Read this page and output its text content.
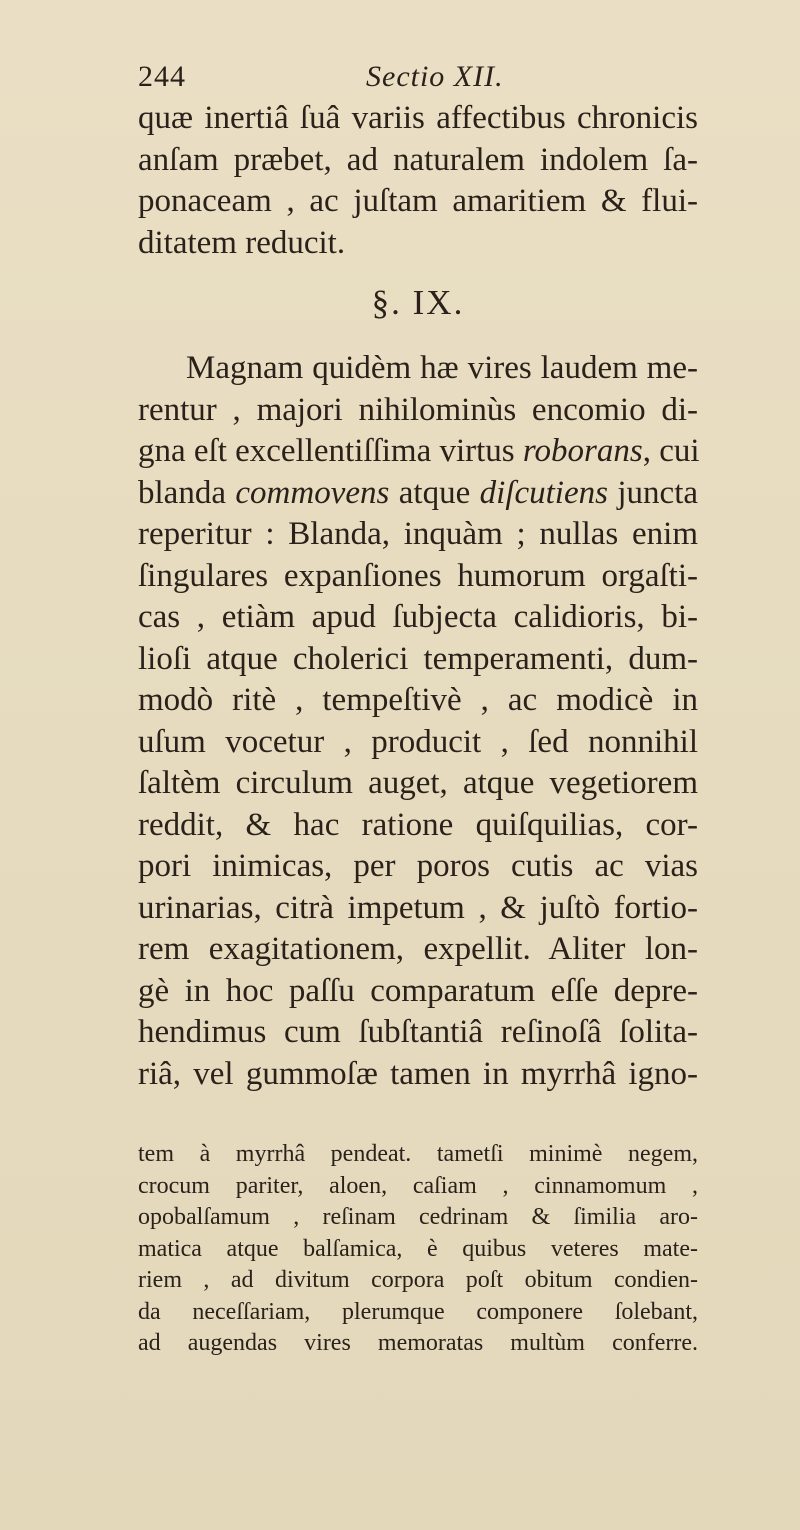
244	Sectio XII.
quæ inertiâ ſuâ variis affectibus chronicis
anſam præbet, ad naturalem indolem ſa-
ponaceam , ac juſtam amaritiem & flui-
ditatem reducit.
§. IX.
Magnam quidèm hæ vires laudem me-
rentur , majori nihilominùs encomio di-
gna eſt excellentiſſima virtus roborans, cui
blanda commovens atque diſcutiens juncta
reperitur : Blanda, inquàm ; nullas enim
ſingulares expanſiones humorum orgaſti-
cas , etiàm apud ſubjecta calidioris, bi-
lioſi atque cholerici temperamenti, dum-
modò ritè , tempeſtivè , ac modicè in
uſum vocetur , producit , ſed nonnihil
ſaltèm circulum auget, atque vegetiorem
reddit, & hac ratione quiſquilias, cor-
pori inimicas, per poros cutis ac vias
urinarias, citrà impetum , & juſtò fortio-
rem exagitationem, expellit. Aliter lon-
gè in hoc paſſu comparatum eſſe depre-
hendimus cum ſubſtantiâ reſinoſâ ſolita-
riâ, vel gummoſæ tamen in myrrhâ igno-
tem à myrrhâ pendeat. tametſi minimè negem,
crocum pariter, aloen, caſiam , cinnamomum ,
opobalſamum , reſinam cedrinam & ſimilia aro-
matica atque balſamica, è quibus veteres mate-
riem , ad divitum corpora poſt obitum condien-
da neceſſariam, plerumque componere ſolebant,
ad augendas vires memoratas multùm conferre.
